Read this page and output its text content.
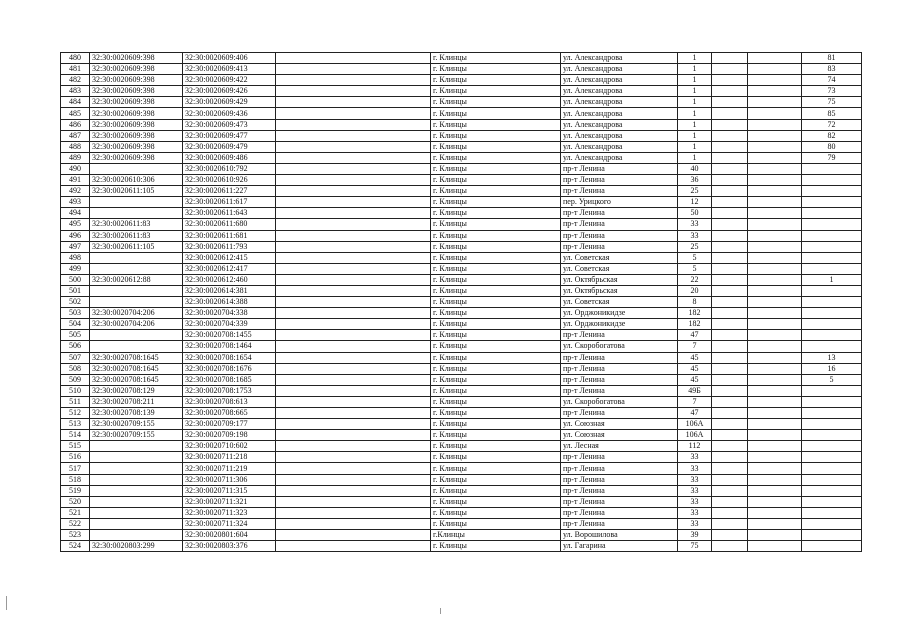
480	32:30:0020609:398	32:30:0020609:406		г. Клинцы	ул. Александрова	1			81
481	32:30:0020609:398	32:30:0020609:413		г. Клинцы	ул. Александрова	1			83
482	32:30:0020609:398	32:30:0020609:422		г. Клинцы	ул. Александрова	1			74
483	32:30:0020609:398	32:30:0020609:426		г. Клинцы	ул. Александрова	1			73
484	32:30:0020609:398	32:30:0020609:429		г. Клинцы	ул. Александрова	1			75
485	32:30:0020609:398	32:30:0020609:436		г. Клинцы	ул. Александрова	1			85
486	32:30:0020609:398	32:30:0020609:473		г. Клинцы	ул. Александрова	1			72
487	32:30:0020609:398	32:30:0020609:477		г. Клинцы	ул. Александрова	1			82
488	32:30:0020609:398	32:30:0020609:479		г. Клинцы	ул. Александрова	1			80
489	32:30:0020609:398	32:30:0020609:486		г. Клинцы	ул. Александрова	1			79
490		32:30:0020610:792		г. Клинцы	пр-т Ленина	40			
491	32:30:0020610:306	32:30:0020610:926		г. Клинцы	пр-т Ленина	36			
492	32:30:0020611:105	32:30:0020611:227		г. Клинцы	пр-т Ленина	25			
493		32:30:0020611:617		г. Клинцы	пер. Урицкого	12			
494		32:30:0020611:643		г. Клинцы	пр-т Ленина	50			
495	32:30:0020611:83	32:30:0020611:680		г. Клинцы	пр-т Ленина	33			
496	32:30:0020611:83	32:30:0020611:681		г. Клинцы	пр-т Ленина	33			
497	32:30:0020611:105	32:30:0020611:793		г. Клинцы	пр-т Ленина	25			
498		32:30:0020612:415		г. Клинцы	ул. Советская	5			
499		32:30:0020612:417		г. Клинцы	ул. Советская	5			
500	32:30:0020612:88	32:30:0020612:460		г. Клинцы	ул. Октябрьская	22			1
501		32:30:0020614:381		г. Клинцы	ул. Октябрьская	20			
502		32:30:0020614:388		г. Клинцы	ул. Советская	8			
503	32:30:0020704:206	32:30:0020704:338		г. Клинцы	ул. Орджоникидзе	182			
504	32:30:0020704:206	32:30:0020704:339		г. Клинцы	ул. Орджоникидзе	182			
505		32:30:0020708:1455		г. Клинцы	пр-т Ленина	47			
506		32:30:0020708:1464		г. Клинцы	ул. Скоробогатова	7			
507	32:30:0020708:1645	32:30:0020708:1654		г. Клинцы	пр-т Ленина	45			13
508	32:30:0020708:1645	32:30:0020708:1676		г. Клинцы	пр-т Ленина	45			16
509	32:30:0020708:1645	32:30:0020708:1685		г. Клинцы	пр-т Ленина	45			5
510	32:30:0020708:129	32:30:0020708:1753		г. Клинцы	пр-т Ленина	49Б			
511	32:30:0020708:211	32:30:0020708:613		г. Клинцы	ул. Скоробогатова	7			
512	32:30:0020708:139	32:30:0020708:665		г. Клинцы	пр-т Ленина	47			
513	32:30:0020709:155	32:30:0020709:177		г. Клинцы	ул. Союзная	106А			
514	32:30:0020709:155	32:30:0020709:198		г. Клинцы	ул. Союзная	106А			
515		32:30:0020710:602		г. Клинцы	ул. Лесная	112			
516		32:30:0020711:218		г. Клинцы	пр-т Ленина	33			
517		32:30:0020711:219		г. Клинцы	пр-т Ленина	33			
518		32:30:0020711:306		г. Клинцы	пр-т Ленина	33			
519		32:30:0020711:315		г. Клинцы	пр-т Ленина	33			
520		32:30:0020711:321		г. Клинцы	пр-т Ленина	33			
521		32:30:0020711:323		г. Клинцы	пр-т Ленина	33			
522		32:30:0020711:324		г. Клинцы	пр-т Ленина	33			
523		32:30:0020801:604		г.Клинцы	ул. Ворошилова	39			
524	32:30:0020803:299	32:30:0020803:376		г. Клинцы	ул. Гагарина	75			
